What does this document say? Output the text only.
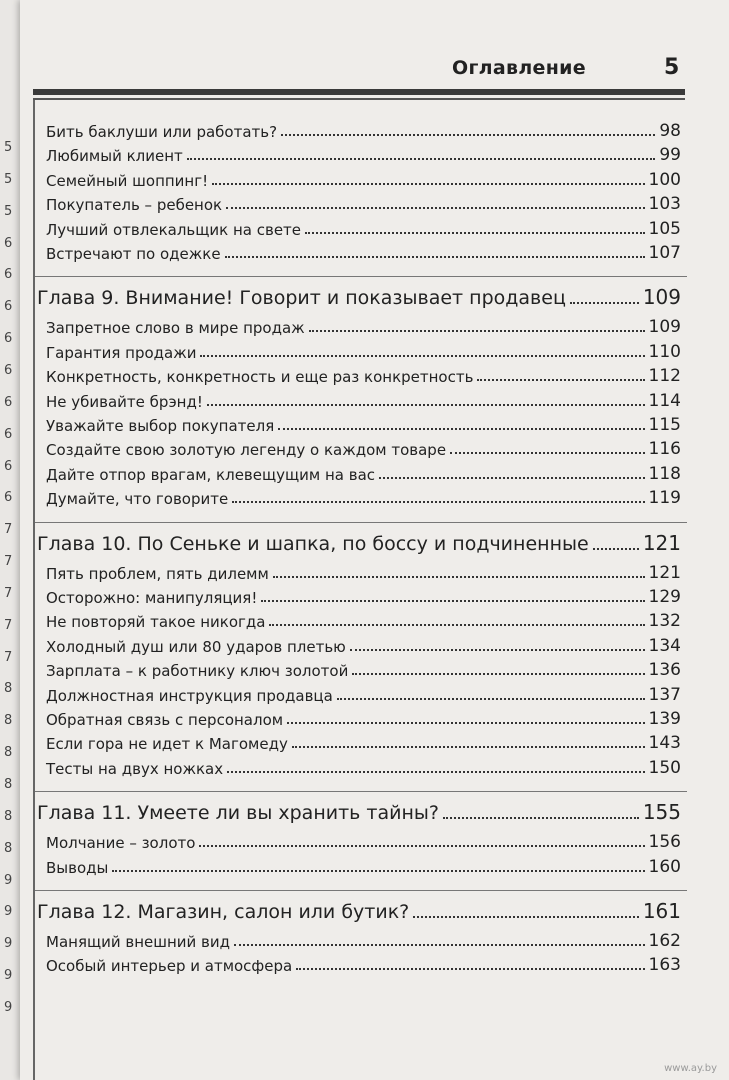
5
5
5
6
6
6
6
6
6
6
6
6
7
7
7
7
7
8
8
8
8
8
8
9
9
9
9
9
Оглавление	5
Бить баклуши или работать?	98
Любимый клиент	99
Семейный шоппинг!	100
Покупатель – ребенок	103
Лучший отвлекальщик на свете	105
Встречают по одежке	107
Глава 9. Внимание! Говорит и показывает продавец	109
Запретное слово в мире продаж	109
Гарантия продажи	110
Конкретность, конкретность и еще раз конкретность	112
Не убивайте брэнд!	114
Уважайте выбор покупателя	115
Создайте свою золотую легенду о каждом товаре	116
Дайте отпор врагам, клевещущим на вас	118
Думайте, что говорите	119
Глава 10. По Сеньке и шапка, по боссу и подчиненные	121
Пять проблем, пять дилемм	121
Осторожно: манипуляция!	129
Не повторяй такое никогда	132
Холодный душ или 80 ударов плетью	134
Зарплата – к работнику ключ золотой	136
Должностная инструкция продавца	137
Обратная связь с персоналом	139
Если гора не идет к Магомеду	143
Тесты на двух ножках	150
Глава 11. Умеете ли вы хранить тайны?	155
Молчание – золото	156
Выводы	160
Глава 12. Магазин, салон или бутик?	161
Манящий внешний вид	162
Особый интерьер и атмосфера	163
www.ay.by
